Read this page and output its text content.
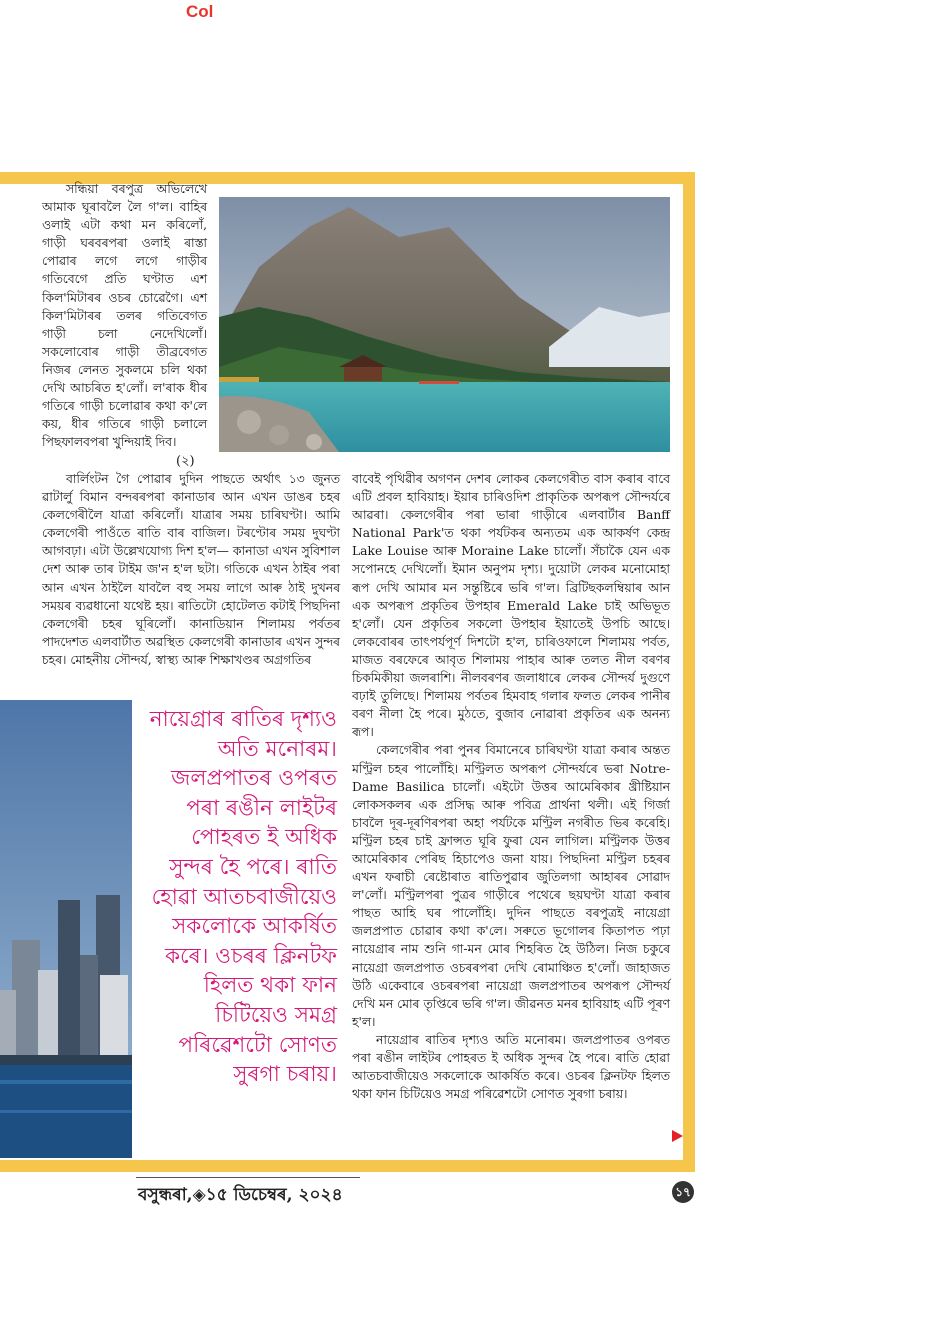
Col

সন্ধিয়া বৰপুত্ৰ অভিলেখে আমাক ঘূৰাবলৈ লৈ গ'ল। বাহিৰ ওলাই এটা কথা মন কৰিলোঁ, গাড়ী ঘৰবৰপৰা ওলাই ৰাস্তা পোৱাৰ লগে লগে গাড়ীৰ গতিবেগে প্ৰতি ঘণ্টাত এশ কিল'মিটাৰৰ ওচৰ চোৱেগৈ। এশ কিল'মিটাৰৰ তলৰ গতিবেগত গাড়ী চলা নেদেখিলোঁ। সকলোবোৰ গাড়ী তীব্ৰবেগত নিজৰ লেনত সুকলমে চলি থকা দেখি আচৰিত হ'লোঁ। ল'ৰাক ধীৰ গতিৰে গাড়ী চলোৱাৰ কথা ক'লে কয়, ধীৰ গতিৰে গাড়ী চলালে পিছফালবপৰা খুন্দিয়াই দিব।

(২)

বাৰ্লিংটন গৈ পোৱাৰ দুদিন পাছতে অৰ্থাৎ ১৩ জুনত ৱাটাৰ্লু বিমান বন্দৰৰপৰা কানাডাৰ আন এখন ডাঙৰ চহৰ কেলগেৰীলৈ যাত্ৰা কৰিলোঁ। যাত্ৰাৰ সময় চাৰিঘণ্টা। আমি কেলগেৰী পাওঁতে ৰাতি বাৰ বাজিল। টৰণ্টোৰ সময় দুঘণ্টা আগবঢ়া। এটা উল্লেখযোগ্য দিশ হ'ল— কানাডা এখন সুবিশাল দেশ আৰু তাৰ টাইম জ'ন হ'ল ছটা। গতিকে এখন ঠাইৰ পৰা আন এখন ঠাইলৈ যাবলৈ বহু সময় লাগে আৰু ঠাই দুখনৰ সময়ৰ ব্যৱধানো যথেষ্ট হয়। ৰাতিটো হোটেলত কটাই পিছদিনা কেলগেৰী চহৰ ঘূৰিলোঁ। কানাডিয়ান শিলাময় পৰ্বতৰ পাদদেশত এলবাৰ্টাত অৱস্থিত কেলগেৰী কানাডাৰ এখন সুন্দৰ চহৰ। মোহনীয় সৌন্দৰ্য, স্বাস্থ্য আৰু শিক্ষাখণ্ডৰ অগ্ৰগতিৰ

বাবেই পৃথিৱীৰ অগণন দেশৰ লোকৰ কেলগেৰীত বাস কৰাৰ বাবে এটি প্ৰবল হাবিয়াহ। ইয়াৰ চাৰিওদিশ প্ৰাকৃতিক অপৰূপ সৌন্দৰ্যৰে আৱৰা। কেলগেৰীৰ পৰা ভাৰা গাড়ীৰে এলবাৰ্টাৰ Banff National Park'ত থকা পৰ্যটকৰ অন্যতম এক আকৰ্ষণ কেন্দ্ৰ Lake Louise আৰু Moraine Lake চালোঁ। সঁচাকৈ যেন এক সপোনহে দেখিলোঁ। ইমান অনুপম দৃশ্য। দুয়োটা লেকৰ মনোমোহা ৰূপ দেখি আমাৰ মন সন্তুষ্টিৰে ভৰি গ'ল। ব্ৰিটিছকলম্বিয়াৰ আন এক অপৰূপ প্ৰকৃতিৰ উপহাৰ Emerald Lake চাই অভিভূত হ'লোঁ। যেন প্ৰকৃতিৰ সকলো উপহাৰ ইয়াতেই উপচি আছে। লেকবোৰৰ তাৎপৰ্যপূৰ্ণ দিশটো হ'ল, চাৰিওফালে শিলাময় পৰ্বত, মাজত বৰফেৰে আবৃত শিলাময় পাহাৰ আৰু তলত নীল বৰণৰ চিকমিকীয়া জলৰাশি। নীলবৰণৰ জলাধাৰে লেকৰ সৌন্দৰ্য দুগুণে বঢ়াই তুলিছে। শিলাময় পৰ্বতৰ হিমবাহ গলাৰ ফলত লেকৰ পানীৰ বৰণ নীলা হৈ পৰে। মুঠতে, বুজাব নোৱাৰা প্ৰকৃতিৰ এক অনন্য ৰূপ।

কেলগেৰীৰ পৰা পুনৰ বিমানেৰে চাৰিঘণ্টা যাত্ৰা কৰাৰ অন্তত মণ্ট্ৰিল চহৰ পালোঁহি। মণ্ট্ৰিলত অপৰূপ সৌন্দৰ্যৰে ভৰা Notre-Dame Basilica চালোঁ। এইটো উত্তৰ আমেৰিকাৰ খ্ৰীষ্টিয়ান লোকসকলৰ এক প্ৰসিদ্ধ আৰু পবিত্ৰ প্ৰাৰ্থনা থলী। এই গিৰ্জা চাবলৈ দূৰ-দূৰণিৰপৰা অহা পৰ্যটকে মণ্ট্ৰিল নগৰীত ভিৰ কৰেহি। মণ্ট্ৰিল চহৰ চাই ফ্ৰান্সত ঘূৰি ফুৰা যেন লাগিল। মণ্ট্ৰিলক উত্তৰ আমেৰিকাৰ পেৰিছ হিচাপেও জনা যায়। পিছদিনা মণ্ট্ৰিল চহৰৰ এখন ফৰাচী ৰেষ্টোৰাত ৰাতিপুৱাৰ জুতিলগা আহাৰৰ সোৱাদ ল'লোঁ। মণ্ট্ৰিলপৰা পুত্ৰৰ গাড়ীৰে পথেৰে ছয়ঘণ্টা যাত্ৰা কৰাৰ পাছত আহি ঘৰ পালোঁহি। দুদিন পাছতে বৰপুত্ৰই নায়েগ্ৰা জলপ্ৰপাত চোৱাৰ কথা ক'লে। সৰুতে ভূগোলৰ কিতাপত পঢ়া নায়েগ্ৰাৰ নাম শুনি গা-মন মোৰ শিহৰিত হৈ উঠিল। নিজ চকুৰে নায়েগ্ৰা জলপ্ৰপাত ওচৰৰপৰা দেখি ৰোমাঞ্চিত হ'লোঁ। জাহাজত উঠি একেবাৰে ওচৰৰপৰা নায়েগ্ৰা জলপ্ৰপাতৰ অপৰূপ সৌন্দৰ্য দেখি মন মোৰ তৃপ্তিৰে ভৰি গ'ল। জীৱনত মনৰ হাবিয়াহ এটি পূৰণ হ'ল।

নায়েগ্ৰাৰ ৰাতিৰ দৃশ্যও অতি মনোৰম। জলপ্ৰপাতৰ ওপৰত পৰা ৰঙীন লাইটৰ পোহৰত ই অধিক সুন্দৰ হৈ পৰে। ৰাতি হোৱা আতচবাজীয়েও সকলোকে আকৰ্ষিত কৰে। ওচৰৰ ক্লিনটফ হিলত থকা ফান চিটিয়েও সমগ্ৰ পৰিৱেশটো সোণত সুৰগা চৰায়।

নায়েগ্ৰাৰ ৰাতিৰ দৃশ্যও অতি মনোৰম। জলপ্ৰপাতৰ ওপৰত পৰা ৰঙীন লাইটৰ পোহৰত ই অধিক সুন্দৰ হৈ পৰে। ৰাতি হোৱা আতচবাজীয়েও সকলোকে আকৰ্ষিত কৰে। ওচৰৰ ক্লিনটফ হিলত থকা ফান চিটিয়েও সমগ্ৰ পৰিৱেশটো সোণত সুৰগা চৰায়।
বসুন্ধৰা,◈১৫ ডিচেম্বৰ, ২০২৪	১৭
